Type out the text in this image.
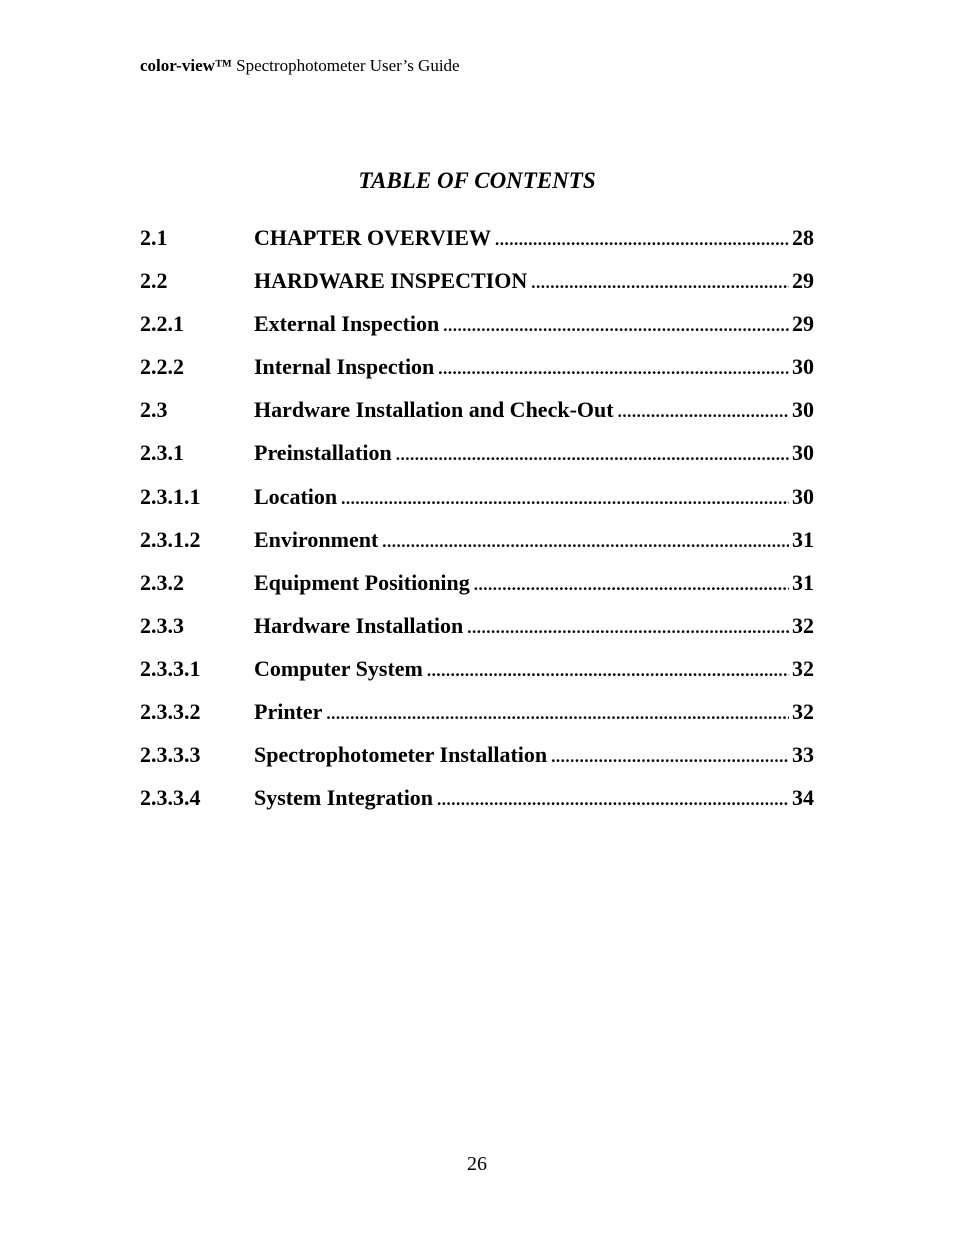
color-view™ Spectrophotometer User’s Guide
TABLE OF CONTENTS
2.1	CHAPTER OVERVIEW .....	28
2.2	HARDWARE INSPECTION .....	29
2.2.1	External Inspection .....	29
2.2.2	Internal Inspection .....	30
2.3	Hardware Installation and Check-Out .....	30
2.3.1	Preinstallation .....	30
2.3.1.1	Location .....	30
2.3.1.2	Environment .....	31
2.3.2	Equipment Positioning .....	31
2.3.3	Hardware Installation .....	32
2.3.3.1	Computer System .....	32
2.3.3.2	Printer .....	32
2.3.3.3	Spectrophotometer Installation .....	33
2.3.3.4	System Integration .....	34
26
